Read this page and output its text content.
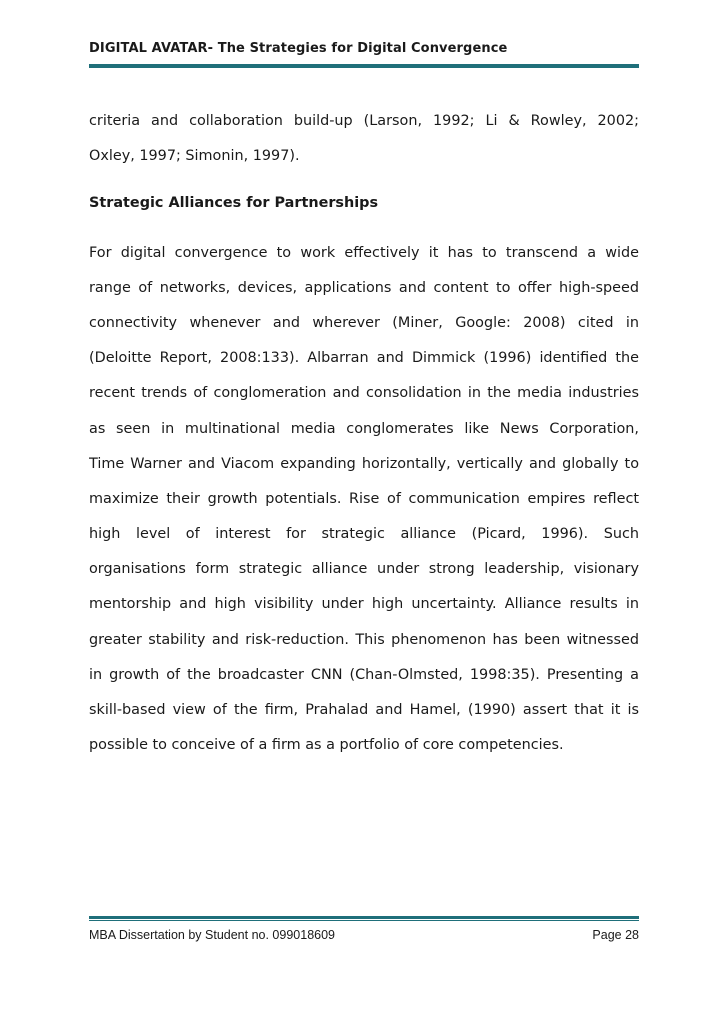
DIGITAL AVATAR- The Strategies for Digital Convergence
criteria and collaboration build-up (Larson, 1992; Li & Rowley, 2002;
Oxley, 1997; Simonin, 1997).
Strategic Alliances for Partnerships
For digital convergence to work effectively it has to transcend a wide
range of networks, devices, applications and content to offer high-speed
connectivity whenever and wherever (Miner, Google: 2008) cited in
(Deloitte Report, 2008:133). Albarran and Dimmick (1996) identified the
recent trends of conglomeration and consolidation in the media industries
as seen in multinational media conglomerates like News Corporation,
Time Warner and Viacom expanding horizontally, vertically and globally to
maximize their growth potentials. Rise of communication empires reflect
high level of interest for strategic alliance (Picard, 1996). Such
organisations form strategic alliance under strong leadership, visionary
mentorship and high visibility under high uncertainty. Alliance results in
greater stability and risk-reduction. This phenomenon has been witnessed
in growth of the broadcaster CNN (Chan-Olmsted, 1998:35). Presenting a
skill-based view of the firm, Prahalad and Hamel, (1990) assert that it is
possible to conceive of a firm as a portfolio of core competencies.
MBA Dissertation by Student no. 099018609	Page 28
